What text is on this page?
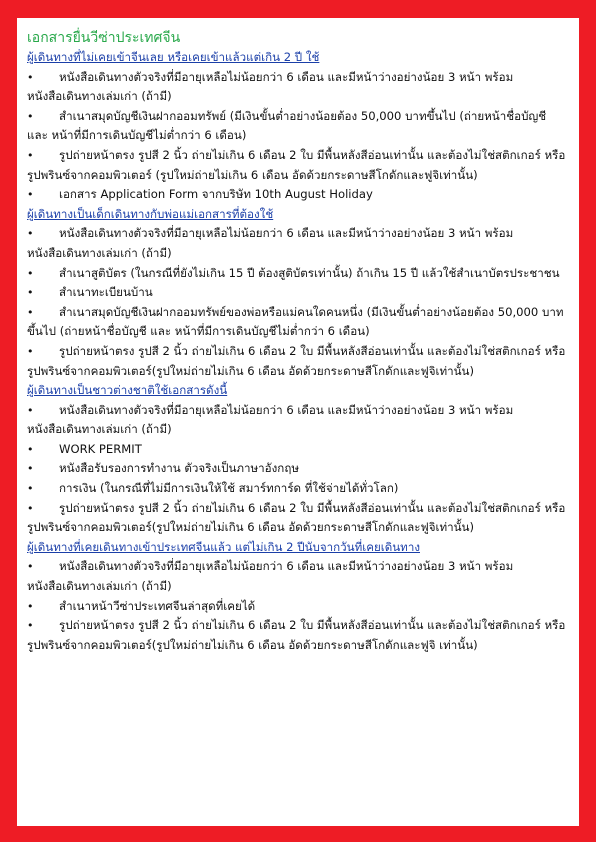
เอกสารยื่นวีซ่าประเทศจีน
ผู้เดินทางที่ไม่เคยเข้าจีนเลย หรือเคยเข้าแล้วแต่เกิน 2 ปี ใช้
• หนังสือเดินทางตัวจริงที่มีอายุเหลือไม่น้อยกว่า 6 เดือน และมีหน้าว่างอย่างน้อย 3 หน้า พร้อมหนังสือเดินทางเล่มเก่า (ถ้ามี)
• สำเนาสมุดบัญชีเงินฝากออมทรัพย์ (มีเงินขั้นต่ำอย่างน้อยต้อง 50,000 บาทขึ้นไป (ถ่ายหน้าชื่อบัญชี และ หน้าที่มีการเดินบัญชีไม่ต่ำกว่า 6 เดือน)
• รูปถ่ายหน้าตรง รูปสี 2 นิ้ว ถ่ายไม่เกิน 6 เดือน 2 ใบ มีพื้นหลังสีอ่อนเท่านั้น และต้องไม่ใช่สติกเกอร์ หรือรูปพรินซ์จากคอมพิวเตอร์ (รูปใหม่ถ่ายไม่เกิน 6 เดือน อัดด้วยกระดาษสีโกดักและฟูจิเท่านั้น)
• เอกสาร Application Form จากบริษัท 10th August Holiday
ผู้เดินทางเป็นเด็กเดินทางกับพ่อแม่เอกสารที่ต้องใช้
• หนังสือเดินทางตัวจริงที่มีอายุเหลือไม่น้อยกว่า 6 เดือน และมีหน้าว่างอย่างน้อย 3 หน้า พร้อมหนังสือเดินทางเล่มเก่า (ถ้ามี)
• สำเนาสูติบัตร (ในกรณีที่ยังไม่เกิน 15 ปี ต้องสูติบัตรเท่านั้น) ถ้าเกิน 15 ปี แล้วใช้สำเนาบัตรประชาชน
• สำเนาทะเบียนบ้าน
• สำเนาสมุดบัญชีเงินฝากออมทรัพย์ของพ่อหรือแม่คนใดคนหนึ่ง (มีเงินขั้นต่ำอย่างน้อยต้อง 50,000 บาทขึ้นไป (ถ่ายหน้าชื่อบัญชี และ หน้าที่มีการเดินบัญชีไม่ต่ำกว่า 6 เดือน)
• รูปถ่ายหน้าตรง รูปสี 2 นิ้ว ถ่ายไม่เกิน 6 เดือน 2 ใบ มีพื้นหลังสีอ่อนเท่านั้น และต้องไม่ใช่สติกเกอร์ หรือรูปพรินซ์จากคอมพิวเตอร์(รูปใหม่ถ่ายไม่เกิน 6 เดือน อัดด้วยกระดาษสีโกดักและฟูจิเท่านั้น)
ผู้เดินทางเป็นชาวต่างชาติใช้เอกสารดังนี้
• หนังสือเดินทางตัวจริงที่มีอายุเหลือไม่น้อยกว่า 6 เดือน และมีหน้าว่างอย่างน้อย 3 หน้า พร้อมหนังสือเดินทางเล่มเก่า (ถ้ามี)
• WORK PERMIT
• หนังสือรับรองการทำงาน ตัวจริงเป็นภาษาอังกฤษ
• การเงิน (ในกรณีที่ไม่มีการเงินให้ใช้ สมาร์ทการ์ด ที่ใช้จ่ายได้ทั่วโลก)
• รูปถ่ายหน้าตรง รูปสี 2 นิ้ว ถ่ายไม่เกิน 6 เดือน 2 ใบ มีพื้นหลังสีอ่อนเท่านั้น และต้องไม่ใช่สติกเกอร์ หรือรูปพรินซ์จากคอมพิวเตอร์(รูปใหม่ถ่ายไม่เกิน 6 เดือน อัดด้วยกระดาษสีโกดักและฟูจิเท่านั้น)
ผู้เดินทางที่เคยเดินทางเข้าประเทศจีนแล้ว แต่ไม่เกิน 2 ปีนับจากวันที่เคยเดินทาง
• หนังสือเดินทางตัวจริงที่มีอายุเหลือไม่น้อยกว่า 6 เดือน และมีหน้าว่างอย่างน้อย 3 หน้า พร้อมหนังสือเดินทางเล่มเก่า (ถ้ามี)
• สำเนาหน้าวีซ่าประเทศจีนล่าสุดที่เคยได้
• รูปถ่ายหน้าตรง รูปสี 2 นิ้ว ถ่ายไม่เกิน 6 เดือน 2 ใบ มีพื้นหลังสีอ่อนเท่านั้น และต้องไม่ใช่สติกเกอร์ หรือรูปพรินซ์จากคอมพิวเตอร์(รูปใหม่ถ่ายไม่เกิน 6 เดือน อัดด้วยกระดาษสีโกดักและฟูจิ เท่านั้น)
